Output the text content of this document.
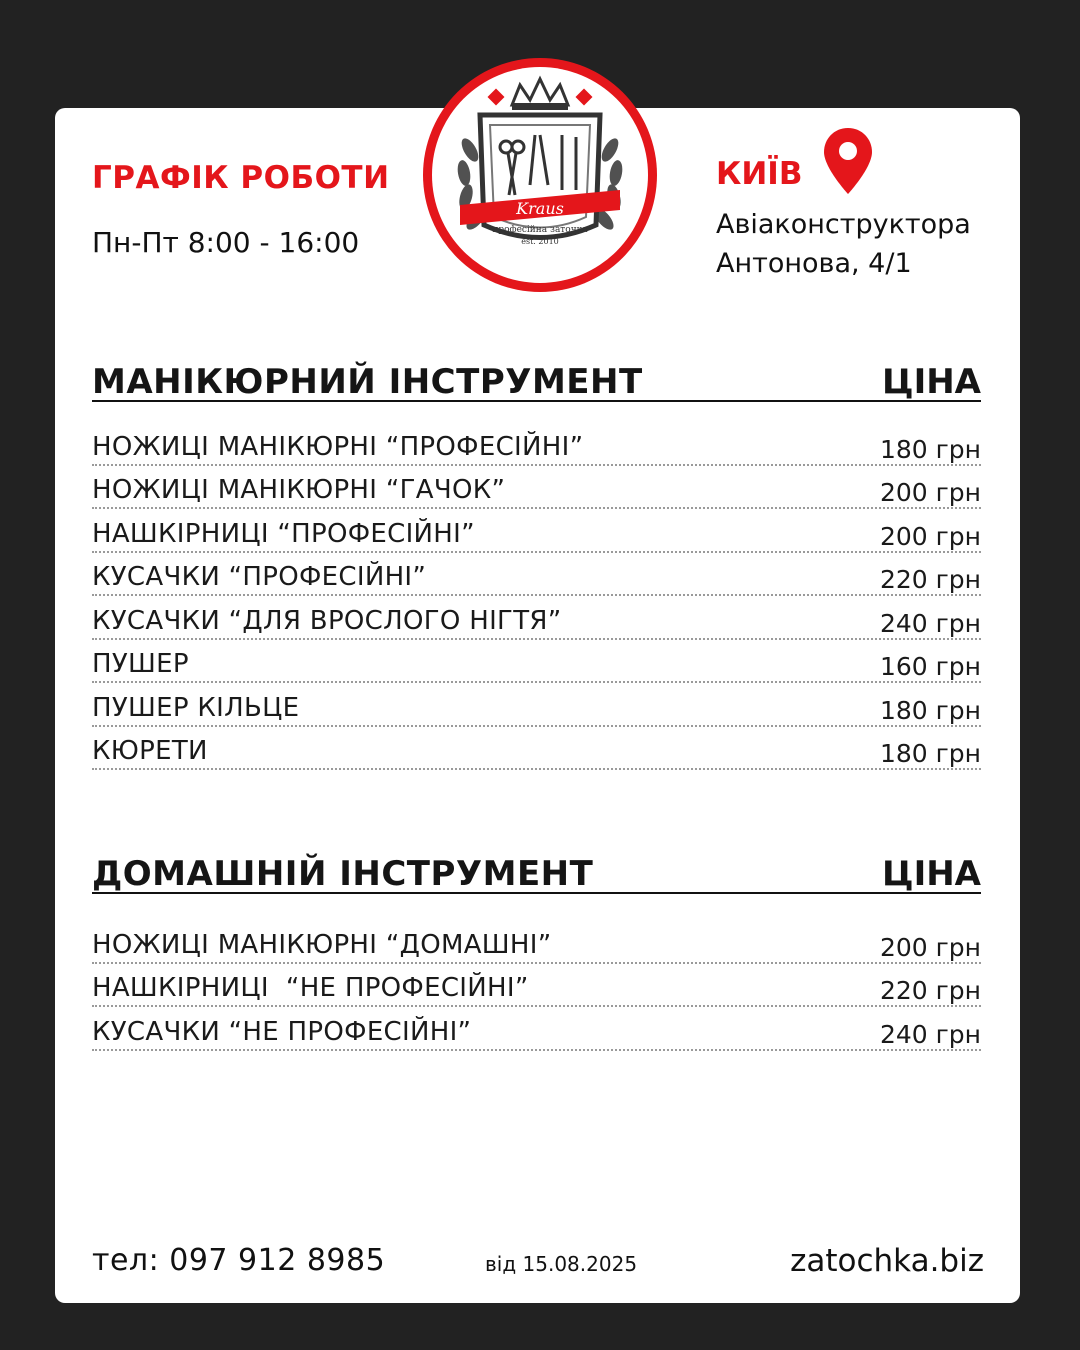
ГРАФІК РОБОТИ
Пн-Пт 8:00 - 16:00
Kraus
професійна заточка
est. 2010
КИЇВ
Авіаконструктора
Антонова, 4/1
МАНІКЮРНИЙ ІНСТРУМЕНТ	ЦІНА
НОЖИЦІ МАНІКЮРНІ “ПРОФЕСІЙНІ”	180 грн
НОЖИЦІ МАНІКЮРНІ “ГАЧОК”	200 грн
НАШКІРНИЦІ “ПРОФЕСІЙНІ”	200 грн
КУСАЧКИ “ПРОФЕСІЙНІ”	220 грн
КУСАЧКИ “ДЛЯ ВРОСЛОГО НІГТЯ”	240 грн
ПУШЕР	160 грн
ПУШЕР КІЛЬЦЕ	180 грн
КЮРЕТИ	180 грн
ДОМАШНІЙ ІНСТРУМЕНТ	ЦІНА
НОЖИЦІ МАНІКЮРНІ “ДОМАШНІ”	200 грн
НАШКІРНИЦІ  “НЕ ПРОФЕСІЙНІ”	220 грн
КУСАЧКИ “НЕ ПРОФЕСІЙНІ”	240 грн
тел: 097 912 8985	від 15.08.2025	zatochka.biz
